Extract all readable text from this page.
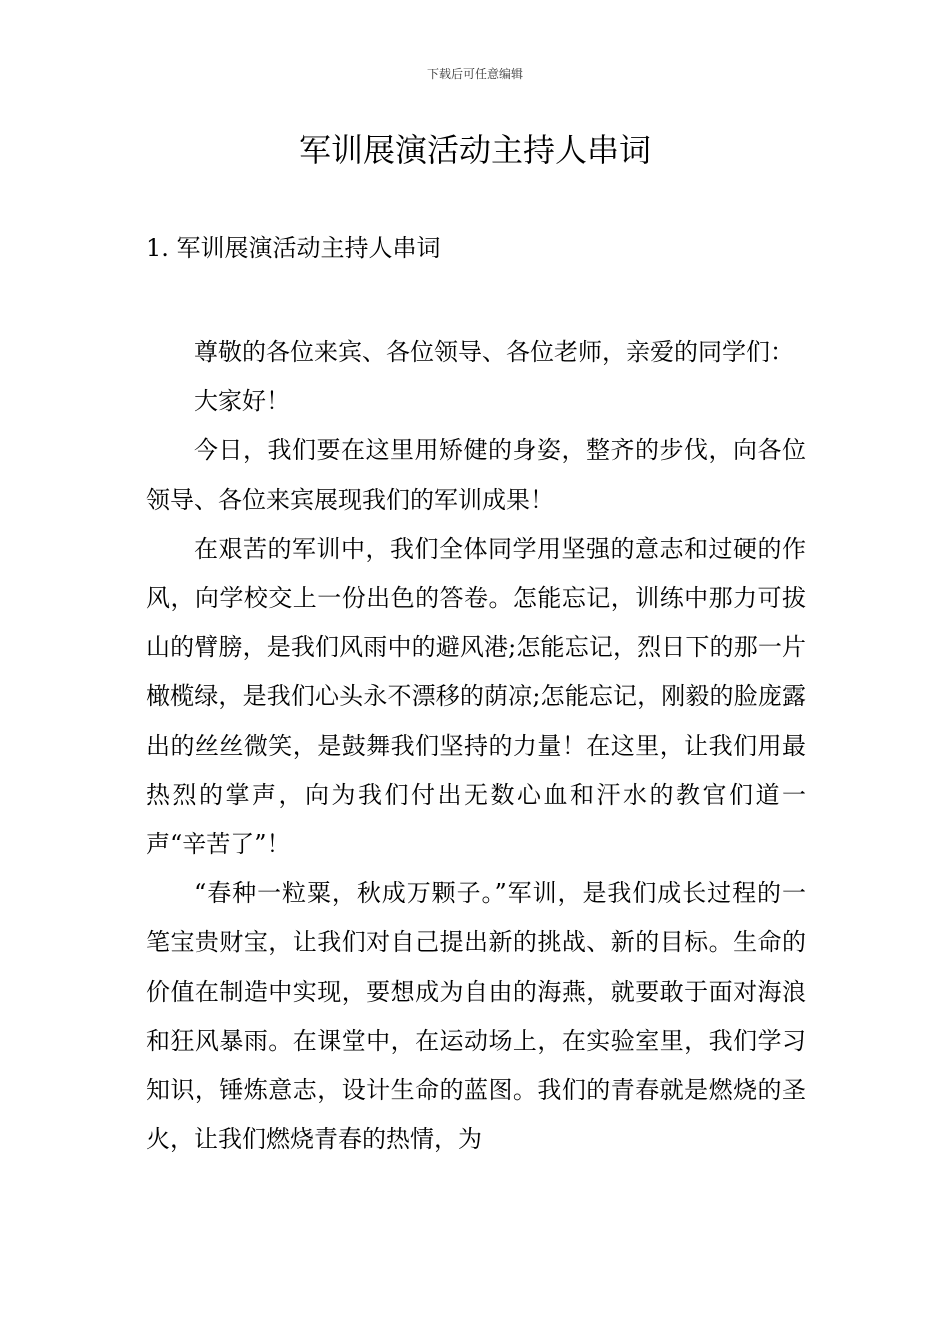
下载后可任意编辑
军训展演活动主持人串词
1. 军训展演活动主持人串词

尊敬的各位来宾、各位领导、各位老师，亲爱的同学们：

大家好！

今日，我们要在这里用矫健的身姿，整齐的步伐，向各位领导、各位来宾展现我们的军训成果！

在艰苦的军训中，我们全体同学用坚强的意志和过硬的作风，向学校交上一份出色的答卷。怎能忘记，训练中那力可拔山的臂膀，是我们风雨中的避风港;怎能忘记，烈日下的那一片橄榄绿，是我们心头永不漂移的荫凉;怎能忘记，刚毅的脸庞露出的丝丝微笑，是鼓舞我们坚持的力量！在这里，让我们用最热烈的掌声，向为我们付出无数心血和汗水的教官们道一声“辛苦了”！

“春种一粒粟，秋成万颗子。”军训，是我们成长过程的一笔宝贵财宝，让我们对自己提出新的挑战、新的目标。生命的价值在制造中实现，要想成为自由的海燕，就要敢于面对海浪和狂风暴雨。在课堂中，在运动场上，在实验室里，我们学习知识，锤炼意志，设计生命的蓝图。我们的青春就是燃烧的圣火，让我们燃烧青春的热情，为
